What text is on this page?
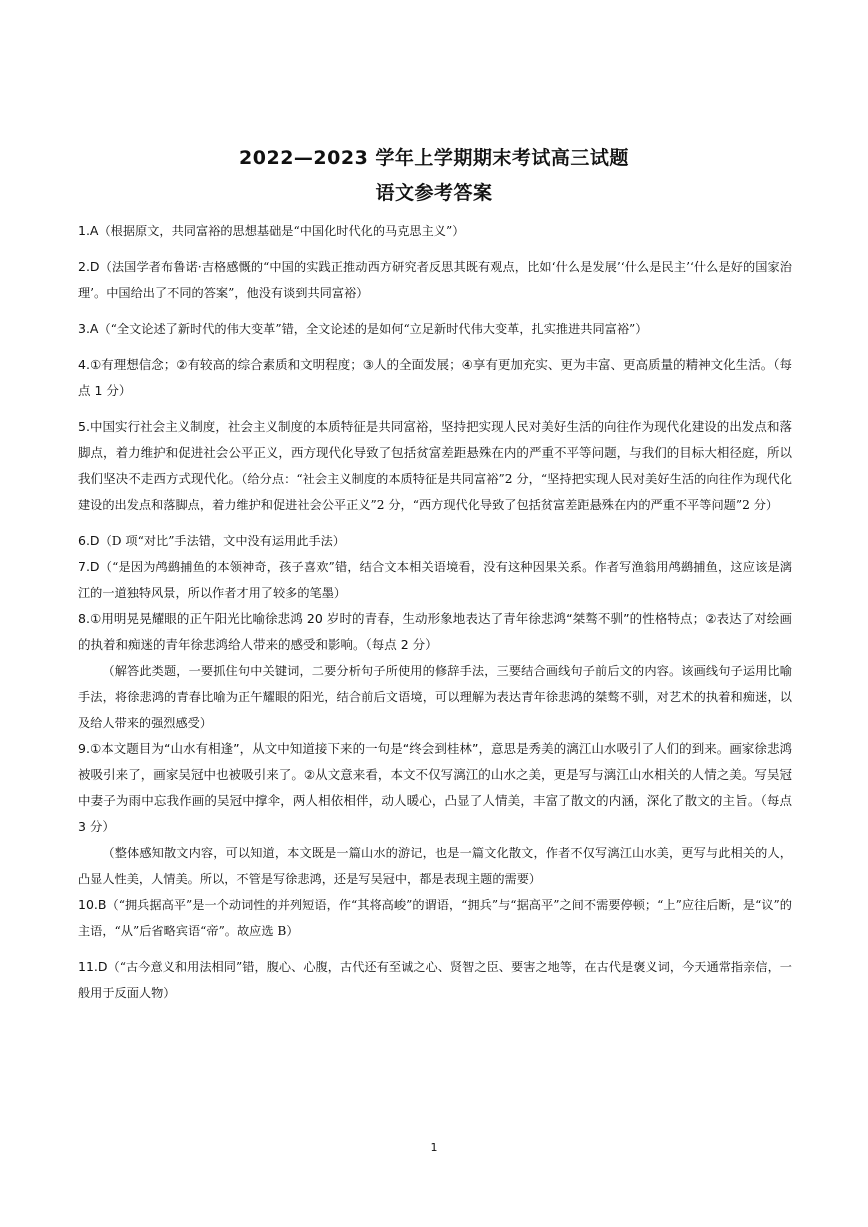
2022—2023 学年上学期期末考试高三试题
语文参考答案

1.A（根据原文，共同富裕的思想基础是“中国化时代化的马克思主义”）

2.D（法国学者布鲁诺·吉格感慨的“中国的实践正推动西方研究者反思其既有观点，比如‘什么是发展’‘什么是民主’‘什么是好的国家治理’。中国给出了不同的答案”，他没有谈到共同富裕）

3.A（“全文论述了新时代的伟大变革”错，全文论述的是如何“立足新时代伟大变革，扎实推进共同富裕”）

4.①有理想信念；②有较高的综合素质和文明程度；③人的全面发展；④享有更加充实、更为丰富、更高质量的精神文化生活。（每点 1 分）

5.中国实行社会主义制度，社会主义制度的本质特征是共同富裕，坚持把实现人民对美好生活的向往作为现代化建设的出发点和落脚点，着力维护和促进社会公平正义，西方现代化导致了包括贫富差距悬殊在内的严重不平等问题，与我们的目标大相径庭，所以我们坚决不走西方式现代化。（给分点：“社会主义制度的本质特征是共同富裕”2 分，“坚持把实现人民对美好生活的向往作为现代化建设的出发点和落脚点，着力维护和促进社会公平正义”2 分，“西方现代化导致了包括贫富差距悬殊在内的严重不平等问题”2 分）

6.D（D 项“对比”手法错，文中没有运用此手法）

7.D（“是因为鸬鹚捕鱼的本领神奇，孩子喜欢”错，结合文本相关语境看，没有这种因果关系。作者写渔翁用鸬鹚捕鱼，这应该是漓江的一道独特风景，所以作者才用了较多的笔墨）

8.①用明晃晃耀眼的正午阳光比喻徐悲鸿 20 岁时的青春，生动形象地表达了青年徐悲鸿“桀骜不驯”的性格特点；②表达了对绘画的执着和痴迷的青年徐悲鸿给人带来的感受和影响。（每点 2 分）

（解答此类题，一要抓住句中关键词，二要分析句子所使用的修辞手法，三要结合画线句子前后文的内容。该画线句子运用比喻手法，将徐悲鸿的青春比喻为正午耀眼的阳光，结合前后文语境，可以理解为表达青年徐悲鸿的桀骜不驯，对艺术的执着和痴迷，以及给人带来的强烈感受）

9.①本文题目为“山水有相逢”，从文中知道接下来的一句是“终会到桂林”，意思是秀美的漓江山水吸引了人们的到来。画家徐悲鸿被吸引来了，画家吴冠中也被吸引来了。②从文意来看，本文不仅写漓江的山水之美，更是写与漓江山水相关的人情之美。写吴冠中妻子为雨中忘我作画的吴冠中撑伞，两人相依相伴，动人暖心，凸显了人情美，丰富了散文的内涵，深化了散文的主旨。（每点 3 分）

（整体感知散文内容，可以知道，本文既是一篇山水的游记，也是一篇文化散文，作者不仅写漓江山水美，更写与此相关的人，凸显人性美，人情美。所以，不管是写徐悲鸿，还是写吴冠中，都是表现主题的需要）

10.B（“拥兵据高平”是一个动词性的并列短语，作“其将高峻”的谓语，“拥兵”与“据高平”之间不需要停顿；“上”应往后断，是“议”的主语，“从”后省略宾语“帝”。故应选 B）

11.D（“古今意义和用法相同”错，腹心、心腹，古代还有至诚之心、贤智之臣、要害之地等，在古代是褒义词，今天通常指亲信，一般用于反面人物）

1
